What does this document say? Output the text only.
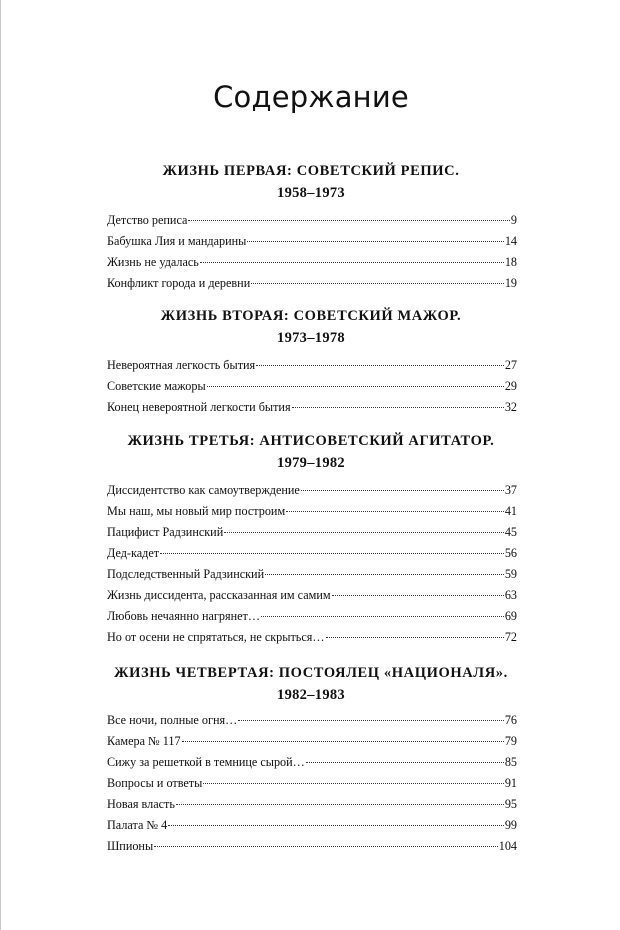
Содержание
ЖИЗНЬ ПЕРВАЯ: СОВЕТСКИЙ РЕПИС.
1958–1973
Детство реписа	9
Бабушка Лия и мандарины	14
Жизнь не удалась	18
Конфликт города и деревни	19
ЖИЗНЬ ВТОРАЯ: СОВЕТСКИЙ МАЖОР.
1973–1978
Невероятная легкость бытия	27
Советские мажоры	29
Конец невероятной легкости бытия	32
ЖИЗНЬ ТРЕТЬЯ: АНТИСОВЕТСКИЙ АГИТАТОР.
1979–1982
Диссидентство как самоутверждение	37
Мы наш, мы новый мир построим	41
Пацифист Радзинский	45
Дед-кадет	56
Подследственный Радзинский	59
Жизнь диссидента, рассказанная им самим	63
Любовь нечаянно нагрянет…	69
Но от осени не спрятаться, не скрыться…	72
ЖИЗНЬ ЧЕТВЕРТАЯ: ПОСТОЯЛЕЦ «НАЦИОНАЛЯ».
1982–1983
Все ночи, полные огня…	76
Камера № 117	79
Сижу за решеткой в темнице сырой…	85
Вопросы и ответы	91
Новая власть	95
Палата № 4	99
Шпионы	104
